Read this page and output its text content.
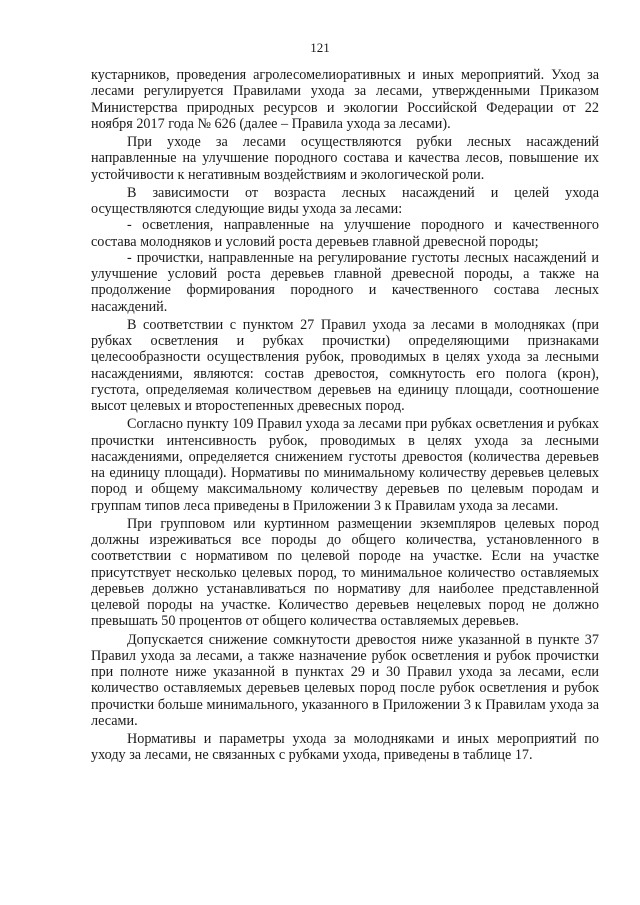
121

кустарников, проведения агролесомелиоративных и иных мероприятий. Уход за лесами регулируется Правилами ухода за лесами, утвержденными Приказом Министерства природных ресурсов и экологии Российской Федерации от 22 ноября 2017 года № 626 (далее – Правила ухода за лесами).

При уходе за лесами осуществляются рубки лесных насаждений направленные на улучшение породного состава и качества лесов, повышение их устойчивости к негативным воздействиям и экологической роли.

В зависимости от возраста лесных насаждений и целей ухода осуществляются следующие виды ухода за лесами:

- осветления, направленные на улучшение породного и качественного состава молодняков и условий роста деревьев главной древесной породы;

- прочистки, направленные на регулирование густоты лесных насаждений и улучшение условий роста деревьев главной древесной породы, а также на продолжение формирования породного и качественного состава лесных насаждений.

В соответствии с пунктом 27 Правил ухода за лесами в молодняках (при рубках осветления и рубках прочистки) определяющими признаками целесообразности осуществления рубок, проводимых в целях ухода за лесными насаждениями, являются: состав древостоя, сомкнутость его полога (крон), густота, определяемая количеством деревьев на единицу площади, соотношение высот целевых и второстепенных древесных пород.

Согласно пункту 109 Правил ухода за лесами при рубках осветления и рубках прочистки интенсивность рубок, проводимых в целях ухода за лесными насаждениями, определяется снижением густоты древостоя (количества деревьев на единицу площади). Нормативы по минимальному количеству деревьев целевых пород и общему максимальному количеству деревьев по целевым породам и группам типов леса приведены в Приложении 3 к Правилам ухода за лесами.

При групповом или куртинном размещении экземпляров целевых пород должны изреживаться все породы до общего количества, установленного в соответствии с нормативом по целевой породе на участке. Если на участке присутствует несколько целевых пород, то минимальное количество оставляемых деревьев должно устанавливаться по нормативу для наиболее представленной целевой породы на участке. Количество деревьев нецелевых пород не должно превышать 50 процентов от общего количества оставляемых деревьев.

Допускается снижение сомкнутости древостоя ниже указанной в пункте 37 Правил ухода за лесами, а также назначение рубок осветления и рубок прочистки при полноте ниже указанной в пунктах 29 и 30 Правил ухода за лесами, если количество оставляемых деревьев целевых пород после рубок осветления и рубок прочистки больше минимального, указанного в Приложении 3 к Правилам ухода за лесами.

Нормативы и параметры ухода за молодняками и иных мероприятий по уходу за лесами, не связанных с рубками ухода, приведены в таблице 17.
